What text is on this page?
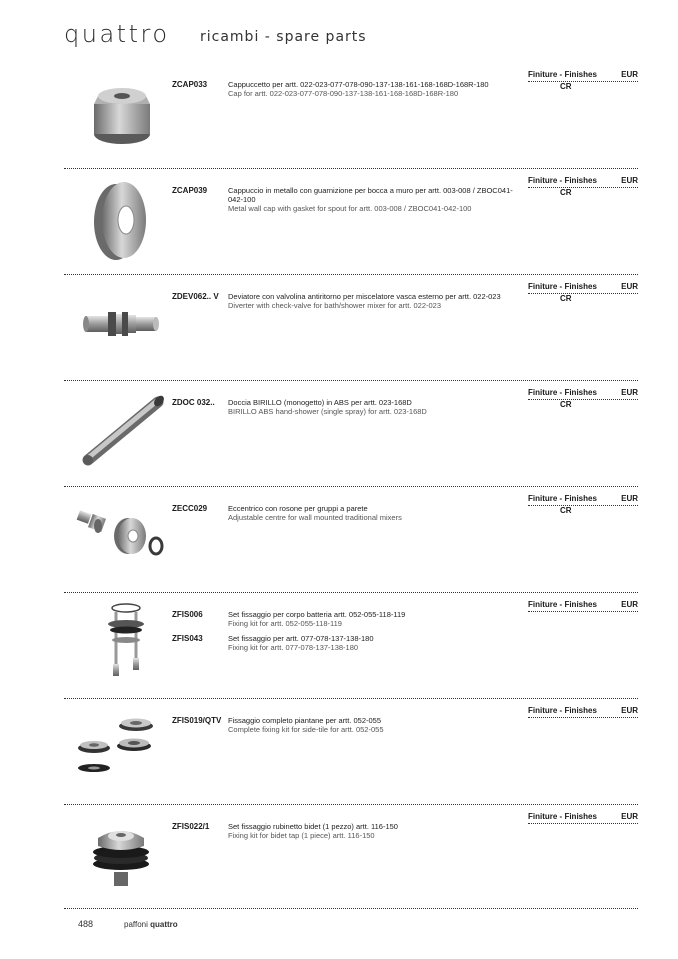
quattro ricambi - spare parts
Finiture - Finishes	EUR
CR
ZCAP033	Cappuccetto per artt. 022-023-077-078-090-137-138-161-168-168D-168R-180
Cap for artt. 022-023-077-078-090-137-138-161-168-168D-168R-180
Finiture - Finishes	EUR
CR
ZCAP039	Cappuccio in metallo con guarnizione per bocca a muro per artt. 003-008 / ZBOC041-042-100
Metal wall cap with gasket for spout for artt. 003-008 / ZBOC041-042-100
Finiture - Finishes	EUR
CR
ZDEV062.. V Deviatore con valvolina antiritorno per miscelatore vasca esterno per artt. 022-023
Diverter with check-valve for bath/shower mixer for artt. 022-023
Finiture - Finishes	EUR
CR
ZDOC 032.. Doccia BIRILLO (monogetto) in ABS per artt. 023-168D
BIRILLO ABS hand-shower (single spray) for artt. 023-168D
Finiture - Finishes	EUR
CR
ZECC029	Eccentrico con rosone per gruppi a parete
Adjustable centre for wall mounted traditional mixers
Finiture - Finishes	EUR
ZFIS006	Set fissaggio per corpo batteria artt. 052-055-118-119
Fixing kit for artt. 052-055-118-119
ZFIS043	Set fissaggio per artt. 077-078-137-138-180
Fixing kit for artt. 077-078-137-138-180
Finiture - Finishes	EUR
ZFIS019/QTV Fissaggio completo piantane per artt. 052-055
Complete fixing kit for side-tile for artt. 052-055
Finiture - Finishes	EUR
ZFIS022/1 Set fissaggio rubinetto bidet (1 pezzo) artt. 116-150
Fixing kit for bidet tap (1 piece) artt. 116-150
488	paffoni quattro
